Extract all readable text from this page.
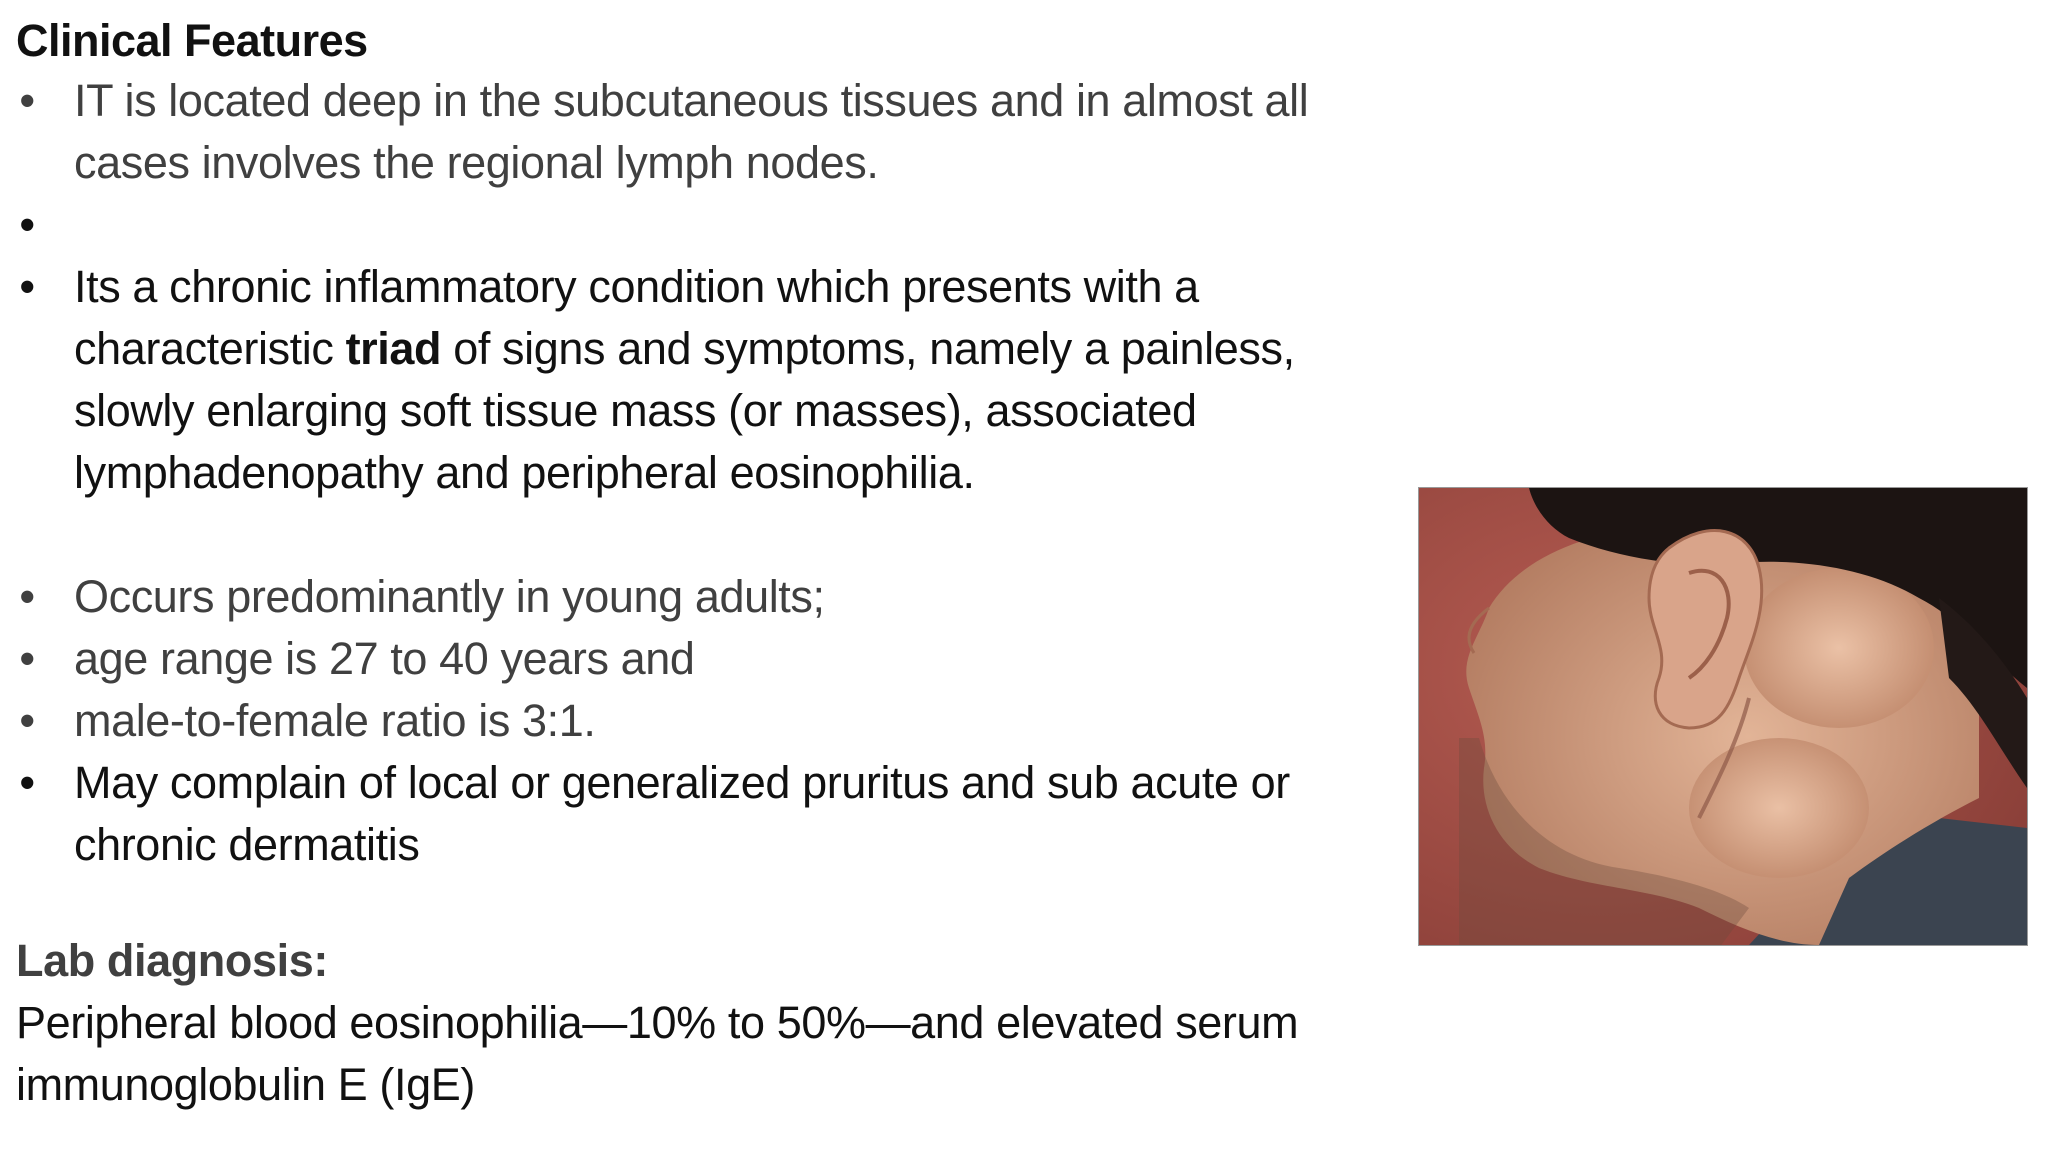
Clinical Features
• IT is located deep in the subcutaneous tissues and in almost all cases involves the regional lymph nodes.
•
• Its a chronic inflammatory condition which presents with a characteristic triad of signs and symptoms, namely a painless, slowly enlarging soft tissue mass (or masses), associated lymphadenopathy and peripheral eosinophilia.
• Occurs predominantly in young adults;
• age range is 27 to 40 years and
• male-to-female ratio is 3:1.
• May complain of local or generalized pruritus and sub acute or chronic dermatitis
Lab diagnosis:

Peripheral blood eosinophilia—10% to 50%—and elevated serum immunoglobulin E (IgE)
